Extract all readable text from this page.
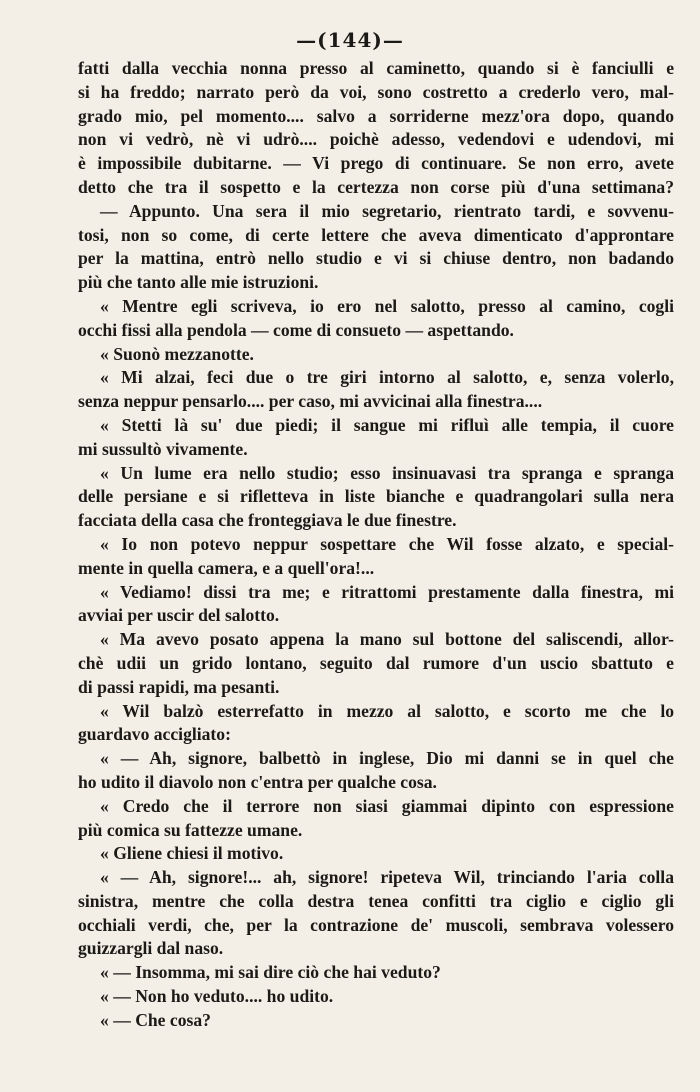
—(144)—
fatti dalla vecchia nonna presso al caminetto, quando si è fanciulli e
si ha freddo; narrato però da voi, sono costretto a crederlo vero, mal-
grado mio, pel momento.... salvo a sorriderne mezz'ora dopo, quando
non vi vedrò, nè vi udrò.... poichè adesso, vedendovi e udendovi, mi
è impossibile dubitarne. — Vi prego di continuare. Se non erro, avete
detto che tra il sospetto e la certezza non corse più d'una settimana?
— Appunto. Una sera il mio segretario, rientrato tardi, e sovvenu-
tosi, non so come, di certe lettere che aveva dimenticato d'approntare
per la mattina, entrò nello studio e vi si chiuse dentro, non badando
più che tanto alle mie istruzioni.
« Mentre egli scriveva, io ero nel salotto, presso al camino, cogli
occhi fissi alla pendola — come di consueto — aspettando.
« Suonò mezzanotte.
« Mi alzai, feci due o tre giri intorno al salotto, e, senza volerlo,
senza neppur pensarlo.... per caso, mi avvicinai alla finestra....
« Stetti là su' due piedi; il sangue mi rifluì alle tempia, il cuore
mi sussultò vivamente.
« Un lume era nello studio; esso insinuavasi tra spranga e spranga
delle persiane e si rifletteva in liste bianche e quadrangolari sulla nera
facciata della casa che fronteggiava le due finestre.
« Io non potevo neppur sospettare che Wil fosse alzato, e special-
mente in quella camera, e a quell'ora!...
« Vediamo! dissi tra me; e ritrattomi prestamente dalla finestra, mi
avviai per uscir del salotto.
« Ma avevo posato appena la mano sul bottone del saliscendi, allor-
chè udii un grido lontano, seguito dal rumore d'un uscio sbattuto e
di passi rapidi, ma pesanti.
« Wil balzò esterrefatto in mezzo al salotto, e scorto me che lo
guardavo accigliato:
« — Ah, signore, balbettò in inglese, Dio mi danni se in quel che
ho udito il diavolo non c'entra per qualche cosa.
« Credo che il terrore non siasi giammai dipinto con espressione
più comica su fattezze umane.
« Gliene chiesi il motivo.
« — Ah, signore!... ah, signore! ripeteva Wil, trinciando l'aria colla
sinistra, mentre che colla destra tenea confitti tra ciglio e ciglio gli
occhiali verdi, che, per la contrazione de' muscoli, sembrava volessero
guizzargli dal naso.
« — Insomma, mi sai dire ciò che hai veduto?
« — Non ho veduto.... ho udito.
« — Che cosa?
